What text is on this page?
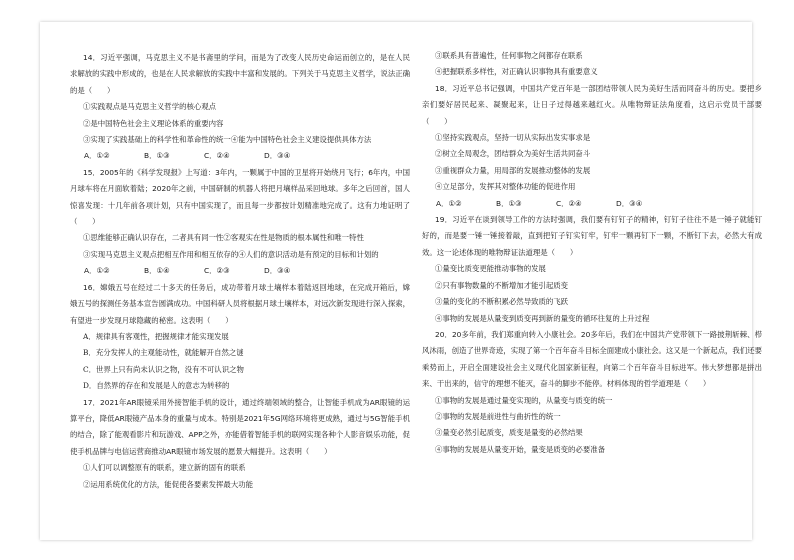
14．习近平强调，马克思主义不是书斋里的学问，而是为了改变人民历史命运而创立的，是在人民求解放的实践中形成的，也是在人民求解放的实践中丰富和发展的。下列关于马克思主义哲学，说法正确的是（　　）

①实践观点是马克思主义哲学的核心观点

②是中国特色社会主义理论体系的重要内容

③实现了实践基础上的科学性和革命性的统一④能为中国特色社会主义建设提供具体方法

A．①②	B．①③	C．②④	D．③④

15．2005年的《科学发现报》上写道：3年内，一颗属于中国的卫星将开始绕月飞行；6年内，中国月球车将在月面软着陆；2020年之前，中国研制的机器人将把月壤样品采回地球。多年之后回首，国人惊喜发现：十几年前各项计划，只有中国实现了，而且每一步都按计划精准地完成了。这有力地证明了（　　）

①思维能够正确认识存在，二者具有同一性②客观实在性是物质的根本属性和唯一特性

③实现马克思主义观点把相互作用和相互依存的④人们的意识活动是有预定的目标和计划的

A．①②	B．①④	C．②③	D．③④

16．嫦娥五号在经过二十多天的任务后，成功带着月球土壤样本着陆返回地球，在完成开箱后，嫦娥五号的探测任务基本宣告圆满成功。中国科研人员将根据月球土壤样本，对远次新发现进行深入探索，有望进一步发现月球隐藏的秘密。这表明（　　）

A．规律具有客观性，把握规律才能实现发展

B．充分发挥人的主观能动性，就能解开自然之谜

C．世界上只有尚未认识之物，没有不可认识之物

D．自然界的存在和发展是人的意志为转移的

17．2021年AR眼镜采用外接智能手机的设计，通过终端领域的整合，让智能手机成为AR眼镜的运算平台，降低AR眼镜产品本身的重量与成本。特别是2021年5G网络环境将更成熟，通过与5G智能手机的结合，除了能观看影片和玩游戏、APP之外，亦能借着智能手机的联网实现各种个人影音娱乐功能，促使手机品牌与电信运营商推动AR眼镜市场发展的愿景大幅提升。这表明（　　）

①人们可以调整原有的联系，建立新的固有的联系

②运用系统优化的方法，能促使各要素发挥最大功能

③联系具有普遍性，任何事物之间都存在联系

④把握联系多样性，对正确认识事物具有重要意义

18．习近平总书记强调，中国共产党百年是一部团结带领人民为美好生活而同奋斗的历史。要把乡亲们要好居民起来、凝聚起来，让日子过得越来越红火。从唯物辩证法角度看，这启示党员干部要（　　）

①坚持实践观点，坚持一切从实际出发实事求是

②树立全局观念，团结群众为美好生活共同奋斗

③重视群众力量，用局部的发展推动整体的发展

④立足部分，发挥其对整体功能的促进作用

A．①②	B．①③	C．②④	D．③④

19．习近平在谈到领导工作的方法时强调，我们要有钉钉子的精神，钉钉子往往不是一锤子就能钉好的，而是要一锤一锤接着敲，直到把钉子钉实钉牢，钉牢一颗再钉下一颗，不断钉下去，必然大有成效。这一论述体现的唯物辩证法道理是（　　）

①量变比质变更能推动事物的发展

②只有事物数量的不断增加才能引起质变

③量的变化的不断积累必然导致质的飞跃

④事物的发展是从量变到质变再到新的量变的循环往复的上升过程

20．20多年前，我们郑重向转入小康社会。20多年后，我们在中国共产党带领下一路披荆斩棘、栉风沐雨，创造了世界奇迹，实现了第一个百年奋斗目标全面建成小康社会。这又是一个新起点，我们还要乘势而上，开启全面建设社会主义现代化国家新征程，向第二个百年奋斗目标进军。伟大梦想都是拼出来、干出来的，信守的理想不能灭，奋斗的脚步不能停。材料体现的哲学道理是（　　）

①事物的发展是通过量变实现的，从量变与质变的统一

②事物的发展是前进性与曲折性的统一

③量变必然引起质变，质变是量变的必然结果

④事物的发展是从量变开始，量变是质变的必要准备
